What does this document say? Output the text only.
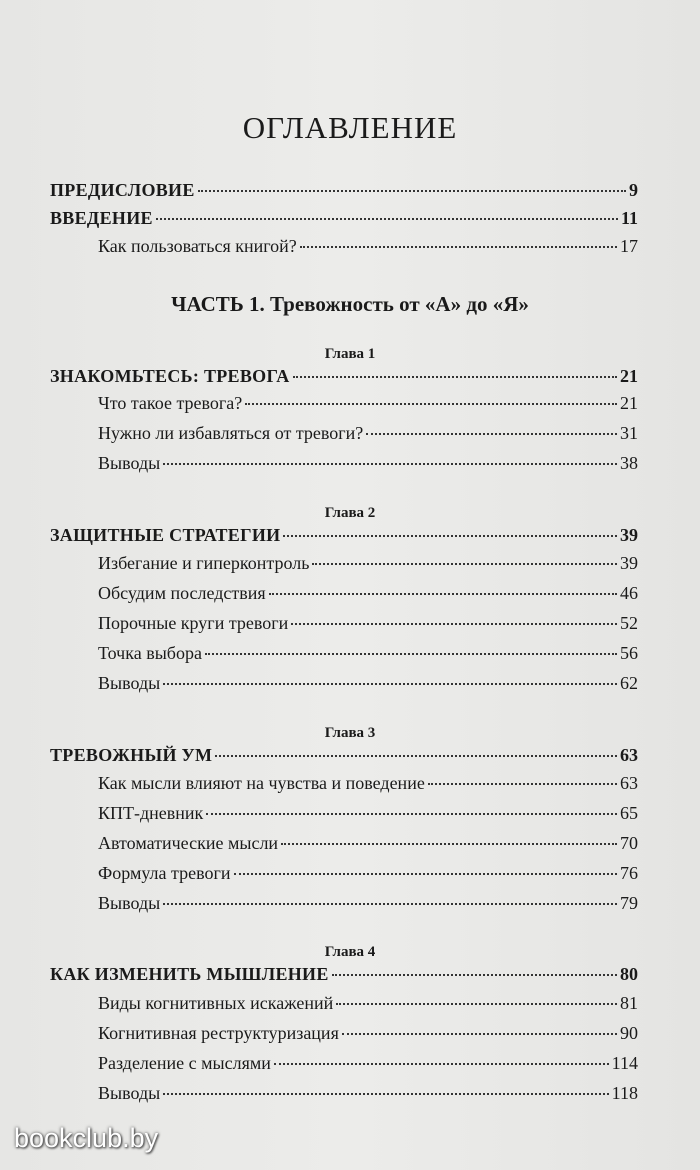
ОГЛАВЛЕНИЕ
ПРЕДИСЛОВИЕ	9
ВВЕДЕНИЕ	11
Как пользоваться книгой?	17
ЧАСТЬ 1. Тревожность от «А» до «Я»
Глава 1
ЗНАКОМЬТЕСЬ: ТРЕВОГА	21
Что такое тревога?	21
Нужно ли избавляться от тревоги?	31
Выводы	38
Глава 2
ЗАЩИТНЫЕ СТРАТЕГИИ	39
Избегание и гиперконтроль	39
Обсудим последствия	46
Порочные круги тревоги	52
Точка выбора	56
Выводы	62
Глава 3
ТРЕВОЖНЫЙ УМ	63
Как мысли влияют на чувства и поведение	63
КПТ-дневник	65
Автоматические мысли	70
Формула тревоги	76
Выводы	79
Глава 4
КАК ИЗМЕНИТЬ МЫШЛЕНИЕ	80
Виды когнитивных искажений	81
Когнитивная реструктуризация	90
Разделение с мыслями	114
Выводы	118
bookclub.by
